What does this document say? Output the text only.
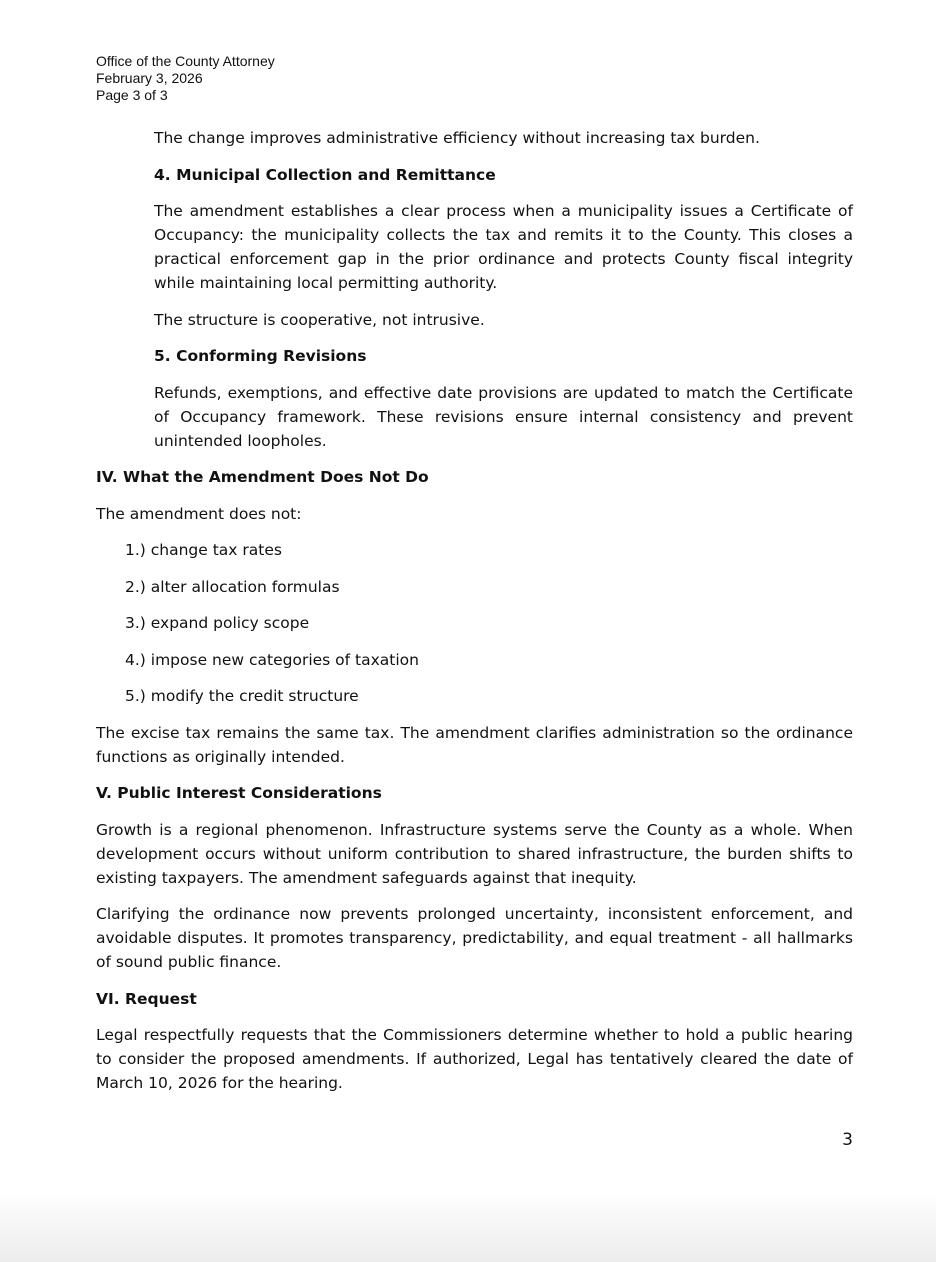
Office of the County Attorney
February 3, 2026
Page 3 of 3

The change improves administrative efficiency without increasing tax burden.

4. Municipal Collection and Remittance

The amendment establishes a clear process when a municipality issues a Certificate of Occupancy: the municipality collects the tax and remits it to the County. This closes a practical enforcement gap in the prior ordinance and protects County fiscal integrity while maintaining local permitting authority.

The structure is cooperative, not intrusive.

5. Conforming Revisions

Refunds, exemptions, and effective date provisions are updated to match the Certificate of Occupancy framework. These revisions ensure internal consistency and prevent unintended loopholes.

IV. What the Amendment Does Not Do

The amendment does not:

1.) change tax rates
2.) alter allocation formulas
3.) expand policy scope
4.) impose new categories of taxation
5.) modify the credit structure

The excise tax remains the same tax. The amendment clarifies administration so the ordinance functions as originally intended.

V. Public Interest Considerations

Growth is a regional phenomenon. Infrastructure systems serve the County as a whole. When development occurs without uniform contribution to shared infrastructure, the burden shifts to existing taxpayers. The amendment safeguards against that inequity.

Clarifying the ordinance now prevents prolonged uncertainty, inconsistent enforcement, and avoidable disputes. It promotes transparency, predictability, and equal treatment - all hallmarks of sound public finance.

VI. Request

Legal respectfully requests that the Commissioners determine whether to hold a public hearing to consider the proposed amendments. If authorized, Legal has tentatively cleared the date of March 10, 2026 for the hearing.

3
